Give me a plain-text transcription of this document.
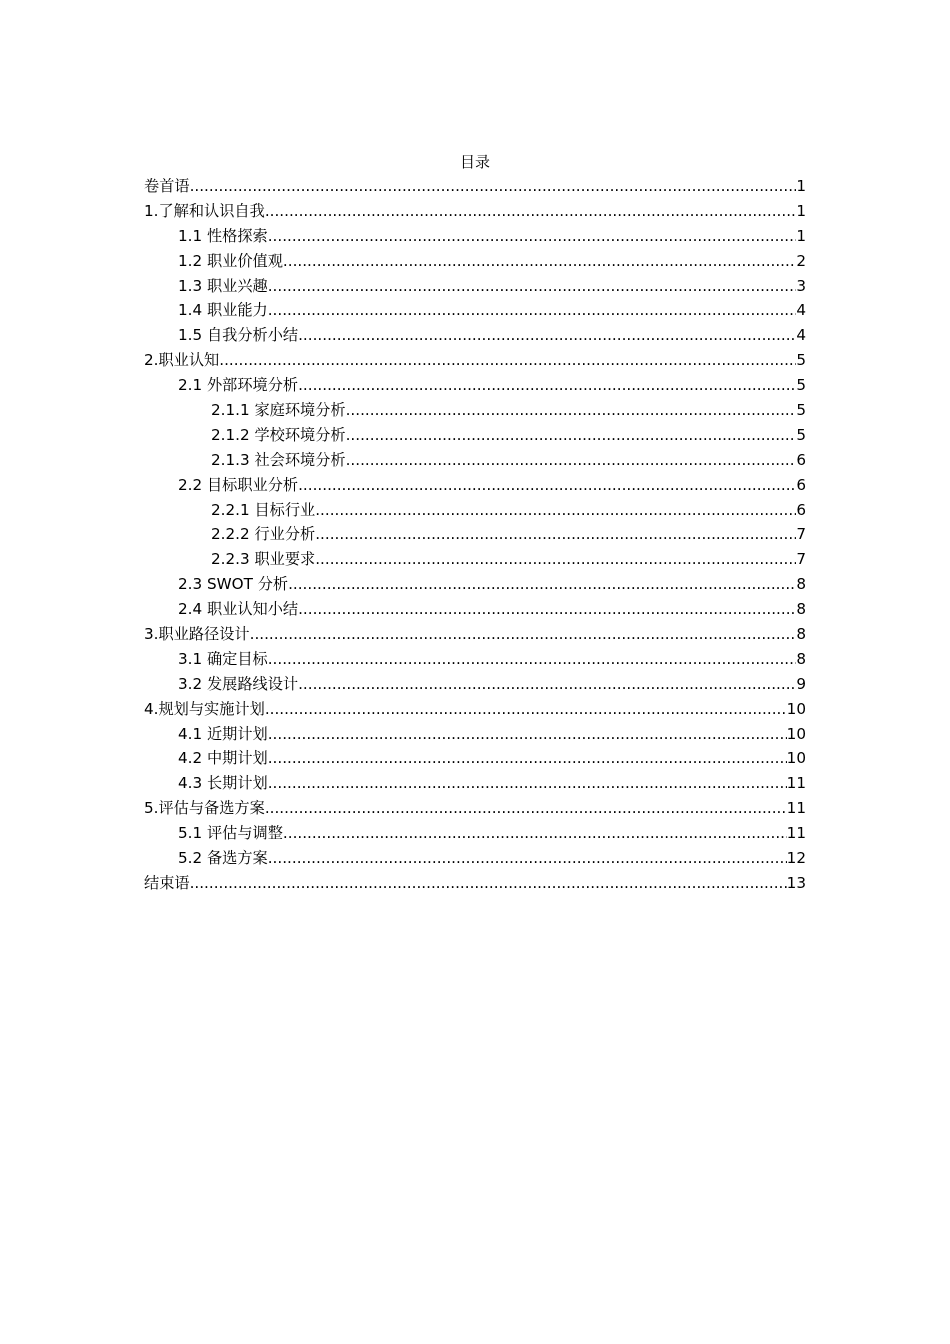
目录
卷首语 .....	1
1.了解和认识自我 .....	1
1.1 性格探索 .....	1
1.2 职业价值观 .....	2
1.3 职业兴趣 .....	3
1.4 职业能力 .....	4
1.5 自我分析小结 .....	4
2.职业认知 .....	5
2.1 外部环境分析 .....	5
2.1.1 家庭环境分析 .....	5
2.1.2 学校环境分析 .....	5
2.1.3 社会环境分析 .....	6
2.2 目标职业分析 .....	6
2.2.1 目标行业 .....	6
2.2.2 行业分析 .....	7
2.2.3 职业要求 .....	7
2.3 SWOT 分析 .....	8
2.4 职业认知小结 .....	8
3.职业路径设计 .....	8
3.1 确定目标 .....	8
3.2 发展路线设计 .....	9
4.规划与实施计划 .....	10
4.1 近期计划 .....	10
4.2 中期计划 .....	10
4.3 长期计划 .....	11
5.评估与备选方案 .....	11
5.1 评估与调整 .....	11
5.2 备选方案 .....	12
结束语 .....	13
